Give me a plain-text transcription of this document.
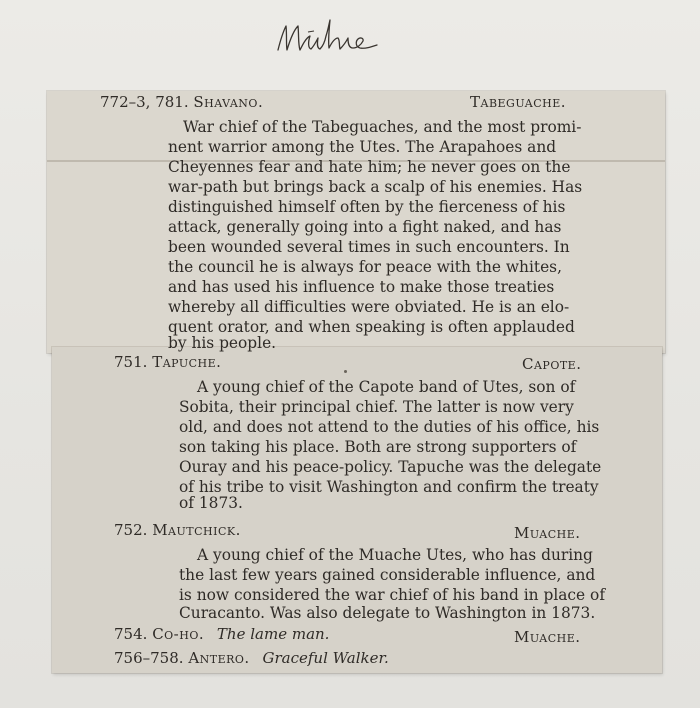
772–3, 781. Shavano.	Tabeguache.
War chief of the Tabeguaches, and the most promi-
nent warrior among the Utes. The Arapahoes and
Cheyennes fear and hate him; he never goes on the
war-path but brings back a scalp of his enemies. Has
distinguished himself often by the fierceness of his
attack, generally going into a fight naked, and has
been wounded several times in such encounters. In
the council he is always for peace with the whites,
and has used his influence to make those treaties
whereby all difficulties were obviated. He is an elo-
quent orator, and when speaking is often applauded
by his people.
751. Tapuche.	Capote.
A young chief of the Capote band of Utes, son of
Sobita, their principal chief. The latter is now very
old, and does not attend to the duties of his office, his
son taking his place. Both are strong supporters of
Ouray and his peace-policy. Tapuche was the delegate
of his tribe to visit Washington and confirm the treaty
of 1873.
752. Mautchick.	Muache.
A young chief of the Muache Utes, who has during
the last few years gained considerable influence, and
is now considered the war chief of his band in place of
Curacanto. Was also delegate to Washington in 1873.
754. Co-ho. The lame man.	Muache.
756–758. Antero. Graceful Walker.
